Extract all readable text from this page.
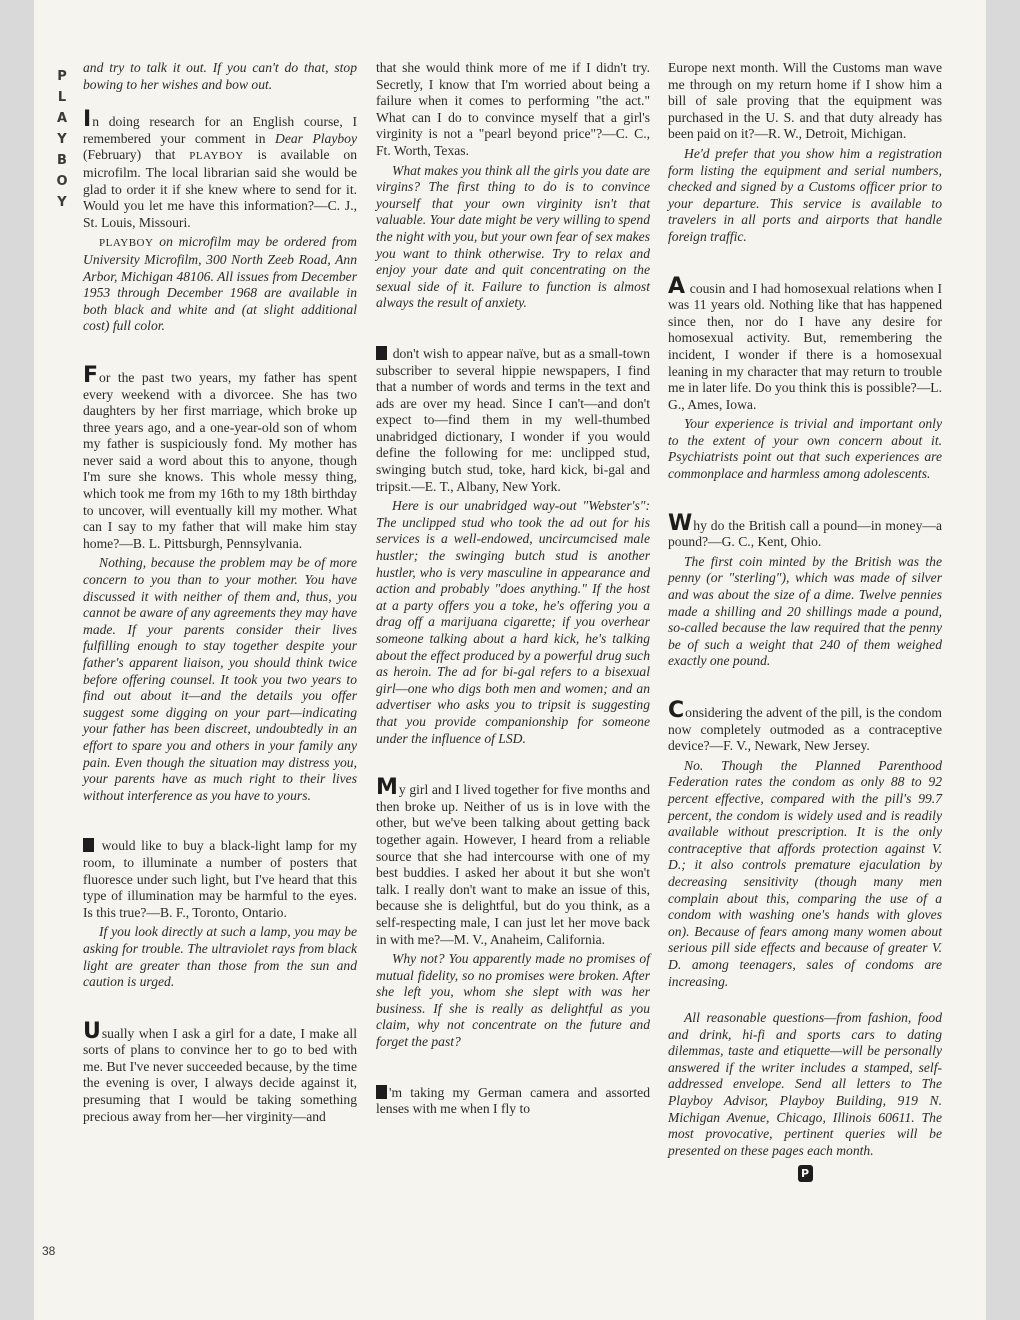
P
L
A
Y
B
O
Y
38

and try to talk it out. If you can't do that, stop bowing to her wishes and bow out.

In doing research for an English course, I remembered your comment in Dear Playboy (February) that PLAYBOY is available on microfilm. The local librarian said she would be glad to order it if she knew where to send for it. Would you let me have this information?—C. J., St. Louis, Missouri.

PLAYBOY on microfilm may be ordered from University Microfilm, 300 North Zeeb Road, Ann Arbor, Michigan 48106. All issues from December 1953 through December 1968 are available in both black and white and (at slight additional cost) full color.

For the past two years, my father has spent every weekend with a divorcee. She has two daughters by her first marriage, which broke up three years ago, and a one-year-old son of whom my father is suspiciously fond. My mother has never said a word about this to anyone, though I'm sure she knows. This whole messy thing, which took me from my 16th to my 18th birthday to uncover, will eventually kill my mother. What can I say to my father that will make him stay home?—B. L. Pittsburgh, Pennsylvania.

Nothing, because the problem may be of more concern to you than to your mother. You have discussed it with neither of them and, thus, you cannot be aware of any agreements they may have made. If your parents consider their lives fulfilling enough to stay together despite your father's apparent liaison, you should think twice before offering counsel. It took you two years to find out about it—and the details you offer suggest some digging on your part—indicating your father has been discreet, undoubtedly in an effort to spare you and others in your family any pain. Even though the situation may distress you, your parents have as much right to their lives without interference as you have to yours.

would like to buy a black-light lamp for my room, to illuminate a number of posters that fluoresce under such light, but I've heard that this type of illumination may be harmful to the eyes. Is this true?—B. F., Toronto, Ontario.

If you look directly at such a lamp, you may be asking for trouble. The ultraviolet rays from black light are greater than those from the sun and caution is urged.

Usually when I ask a girl for a date, I make all sorts of plans to convince her to go to bed with me. But I've never succeeded because, by the time the evening is over, I always decide against it, presuming that I would be taking something precious away from her—her virginity—and

that she would think more of me if I didn't try. Secretly, I know that I'm worried about being a failure when it comes to performing "the act." What can I do to convince myself that a girl's virginity is not a "pearl beyond price"?—C. C., Ft. Worth, Texas.

What makes you think all the girls you date are virgins? The first thing to do is to convince yourself that your own virginity isn't that valuable. Your date might be very willing to spend the night with you, but your own fear of sex makes you want to think otherwise. Try to relax and enjoy your date and quit concentrating on the sexual side of it. Failure to function is almost always the result of anxiety.

don't wish to appear naïve, but as a small-town subscriber to several hippie newspapers, I find that a number of words and terms in the text and ads are over my head. Since I can't—and don't expect to—find them in my well-thumbed unabridged dictionary, I wonder if you would define the following for me: unclipped stud, swinging butch stud, toke, hard kick, bi-gal and tripsit.—E. T., Albany, New York.

Here is our unabridged way-out "Webster's": The unclipped stud who took the ad out for his services is a well-endowed, uncircumcised male hustler; the swinging butch stud is another hustler, who is very masculine in appearance and action and probably "does anything." If the host at a party offers you a toke, he's offering you a drag off a marijuana cigarette; if you overhear someone talking about a hard kick, he's talking about the effect produced by a powerful drug such as heroin. The ad for bi-gal refers to a bisexual girl—one who digs both men and women; and an advertiser who asks you to tripsit is suggesting that you provide companionship for someone under the influence of LSD.

My girl and I lived together for five months and then broke up. Neither of us is in love with the other, but we've been talking about getting back together again. However, I heard from a reliable source that she had intercourse with one of my best buddies. I asked her about it but she won't talk. I really don't want to make an issue of this, because she is delightful, but do you think, as a self-respecting male, I can just let her move back in with me?—M. V., Anaheim, California.

Why not? You apparently made no promises of mutual fidelity, so no promises were broken. After she left you, whom she slept with was her business. If she is really as delightful as you claim, why not concentrate on the future and forget the past?

'm taking my German camera and assorted lenses with me when I fly to

Europe next month. Will the Customs man wave me through on my return home if I show him a bill of sale proving that the equipment was purchased in the U. S. and that duty already has been paid on it?—R. W., Detroit, Michigan.

He'd prefer that you show him a registration form listing the equipment and serial numbers, checked and signed by a Customs officer prior to your departure. This service is available to travelers in all ports and airports that handle foreign traffic.

A cousin and I had homosexual relations when I was 11 years old. Nothing like that has happened since then, nor do I have any desire for homosexual activity. But, remembering the incident, I wonder if there is a homosexual leaning in my character that may return to trouble me in later life. Do you think this is possible?—L. G., Ames, Iowa.

Your experience is trivial and important only to the extent of your own concern about it. Psychiatrists point out that such experiences are commonplace and harmless among adolescents.

Why do the British call a pound—in money—a pound?—G. C., Kent, Ohio.

The first coin minted by the British was the penny (or "sterling"), which was made of silver and was about the size of a dime. Twelve pennies made a shilling and 20 shillings made a pound, so-called because the law required that the penny be of such a weight that 240 of them weighed exactly one pound.

Considering the advent of the pill, is the condom now completely outmoded as a contraceptive device?—F. V., Newark, New Jersey.

No. Though the Planned Parenthood Federation rates the condom as only 88 to 92 percent effective, compared with the pill's 99.7 percent, the condom is widely used and is readily available without prescription. It is the only contraceptive that affords protection against V. D.; it also controls premature ejaculation by decreasing sensitivity (though many men complain about this, comparing the use of a condom with washing one's hands with gloves on). Because of fears among many women about serious pill side effects and because of greater V. D. among teenagers, sales of condoms are increasing.

All reasonable questions—from fashion, food and drink, hi-fi and sports cars to dating dilemmas, taste and etiquette—will be personally answered if the writer includes a stamped, self-addressed envelope. Send all letters to The Playboy Advisor, Playboy Building, 919 N. Michigan Avenue, Chicago, Illinois 60611. The most provocative, pertinent queries will be presented on these pages each month.

P
